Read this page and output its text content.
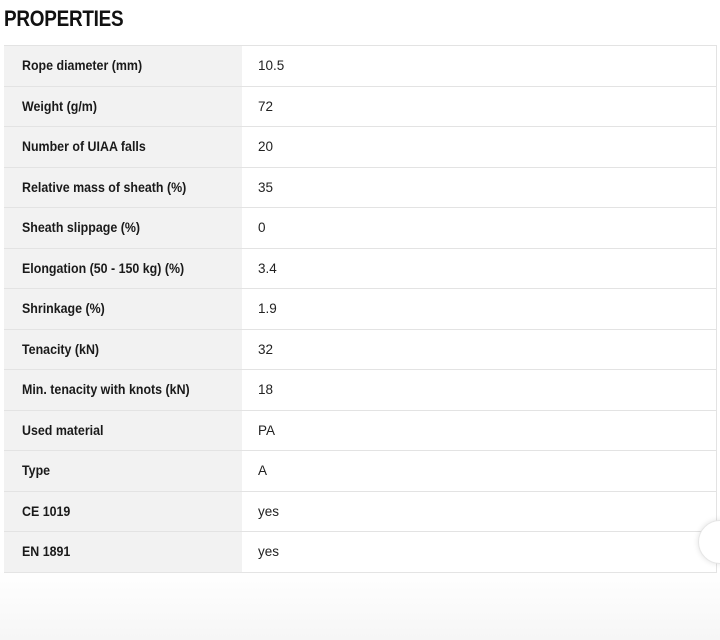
PROPERTIES
Rope diameter (mm)	10.5
Weight (g/m)	72
Number of UIAA falls	20
Relative mass of sheath (%)	35
Sheath slippage (%)	0
Elongation (50 - 150 kg) (%)	3.4
Shrinkage (%)	1.9
Tenacity (kN)	32
Min. tenacity with knots (kN)	18
Used material	PA
Type	A
CE 1019	yes
EN 1891	yes
